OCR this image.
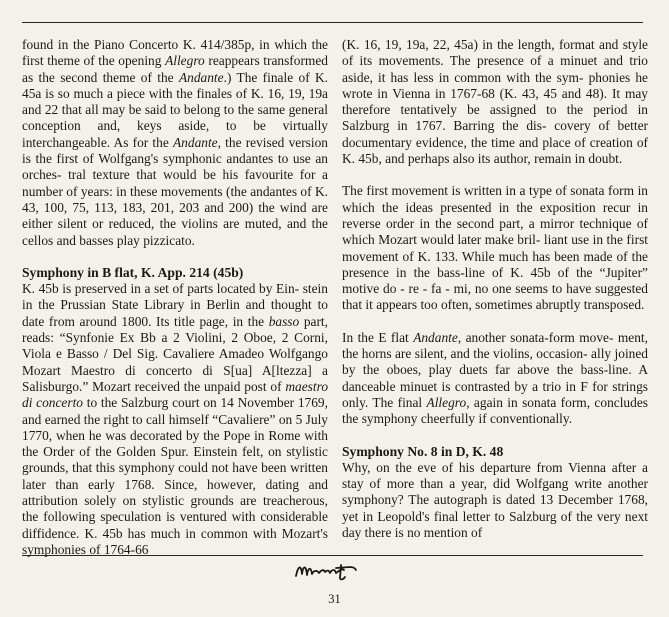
found in the Piano Concerto K. 414/385p, in which the first theme of the opening Allegro reappears transformed as the second theme of the Andante.) The finale of K. 45a is so much a piece with the finales of K. 16, 19, 19a and 22 that all may be said to belong to the same general conception and, keys aside, to be virtually interchangeable. As for the Andante, the revised version is the first of Wolfgang's symphonic andantes to use an orches- tral texture that would be his favourite for a number of years: in these movements (the andantes of K. 43, 100, 75, 113, 183, 201, 203 and 200) the wind are either silent or reduced, the violins are muted, and the cellos and basses play pizzicato.

Symphony in B flat, K. App. 214 (45b)

K. 45b is preserved in a set of parts located by Ein- stein in the Prussian State Library in Berlin and thought to date from around 1800. Its title page, in the basso part, reads: “Synfonie Ex Bb a 2 Violini, 2 Oboe, 2 Corni, Viola e Basso / Del Sig. Cavaliere Amadeo Wolfgango Mozart Maestro di concerto di S[ua] A[ltezza] a Salisburgo.” Mozart received the unpaid post of maestro di concerto to the Salzburg court on 14 November 1769, and earned the right to call himself “Cavaliere” on 5 July 1770, when he was decorated by the Pope in Rome with the Order of the Golden Spur. Einstein felt, on stylistic grounds, that this symphony could not have been written later than early 1768. Since, however, dating and attribution solely on stylistic grounds are treacherous, the following speculation is ventured with considerable diffidence. K. 45b has much in common with Mozart's symphonies of 1764-66

(K. 16, 19, 19a, 22, 45a) in the length, format and style of its movements. The presence of a minuet and trio aside, it has less in common with the sym- phonies he wrote in Vienna in 1767-68 (K. 43, 45 and 48). It may therefore tentatively be assigned to the period in Salzburg in 1767. Barring the dis- covery of better documentary evidence, the time and place of creation of K. 45b, and perhaps also its author, remain in doubt.

The first movement is written in a type of sonata form in which the ideas presented in the exposition recur in reverse order in the second part, a mirror technique of which Mozart would later make bril- liant use in the first movement of K. 133. While much has been made of the presence in the bass-line of K. 45b of the “Jupiter” motive do - re - fa - mi, no one seems to have suggested that it appears too often, sometimes abruptly transposed.

In the E flat Andante, another sonata-form move- ment, the horns are silent, and the violins, occasion- ally joined by the oboes, play duets far above the bass-line. A danceable minuet is contrasted by a trio in F for strings only. The final Allegro, again in sonata form, concludes the symphony cheerfully if conventionally.

Symphony No. 8 in D, K. 48

Why, on the eve of his departure from Vienna after a stay of more than a year, did Wolfgang write another symphony? The autograph is dated 13 December 1768, yet in Leopold's final letter to Salzburg of the very next day there is no mention of

31
